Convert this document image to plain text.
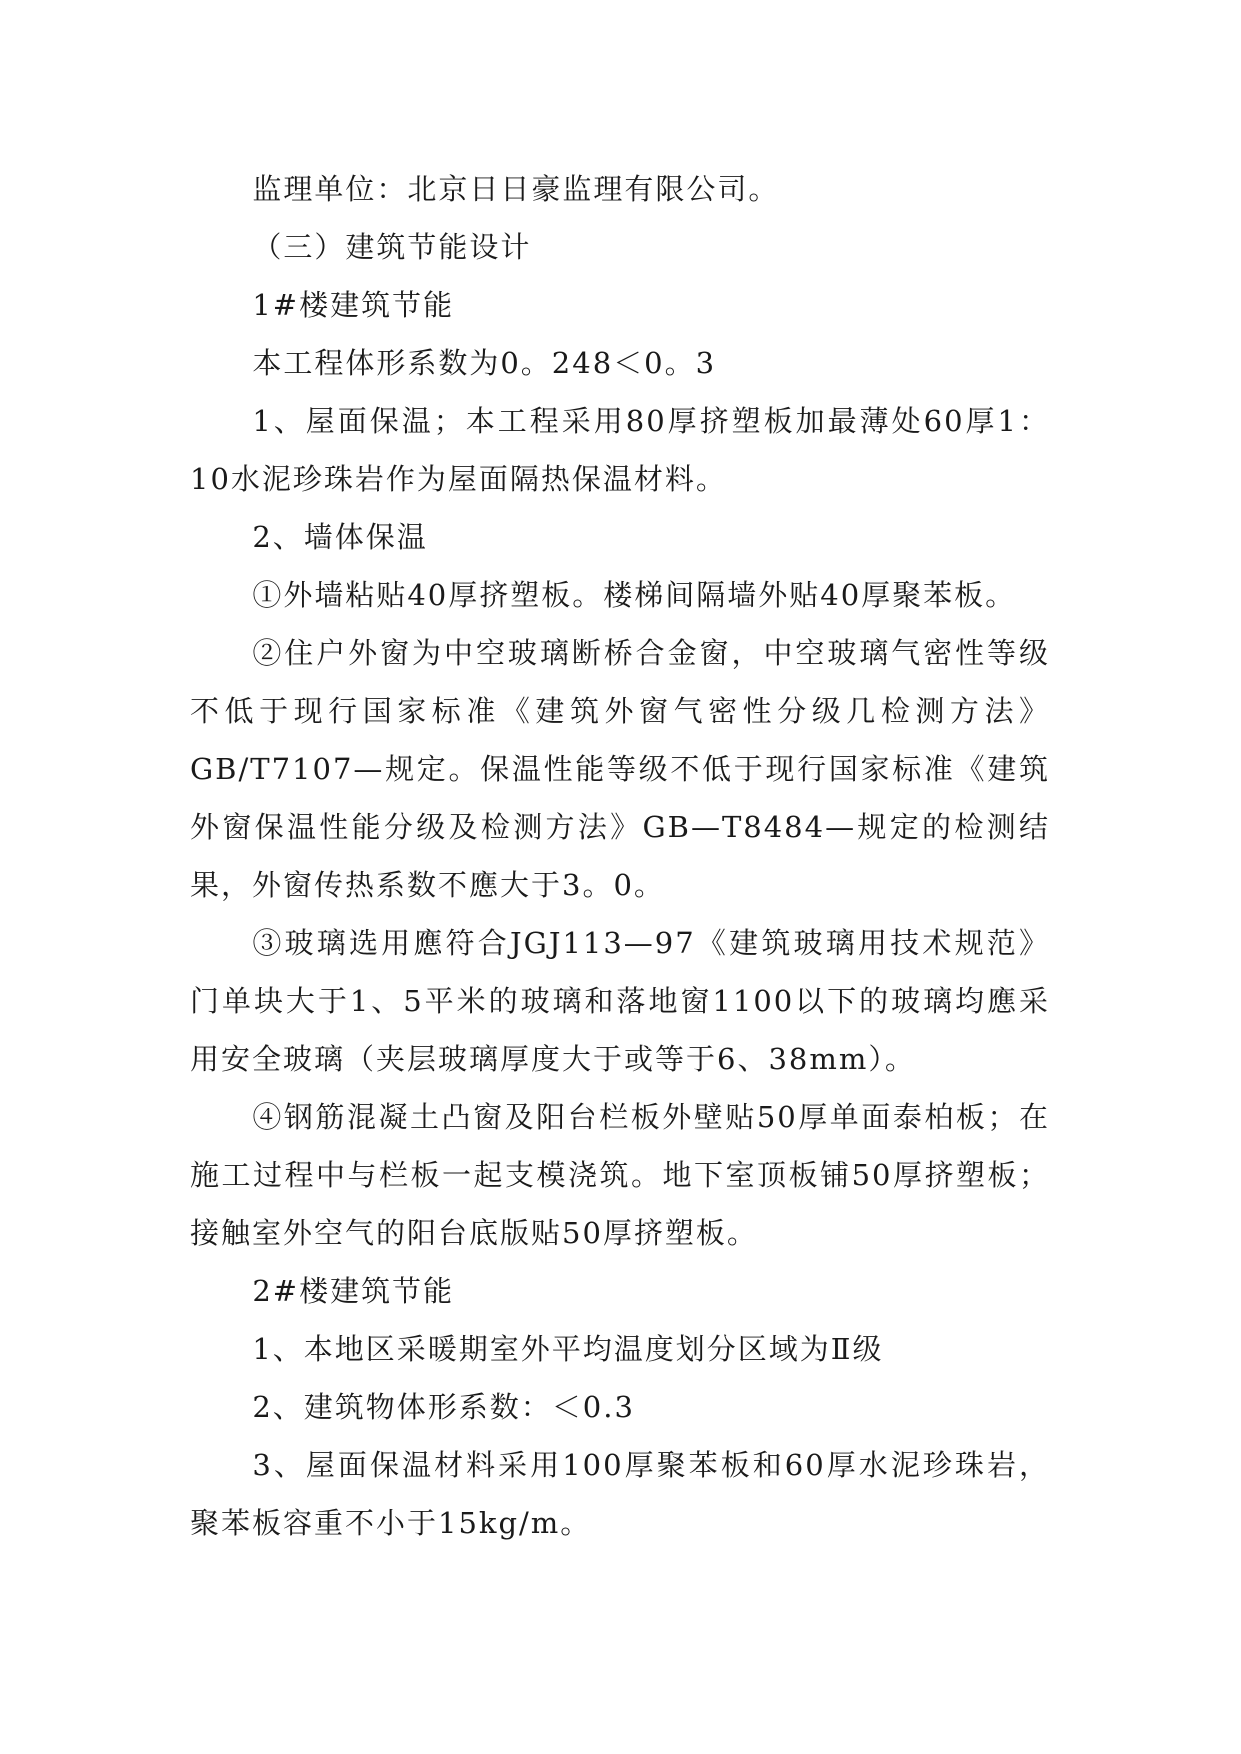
监理单位：北京日日豪监理有限公司。

（三）建筑节能设计

1#楼建筑节能

本工程体形系数为0。248＜0。3

1、屋面保温；本工程采用80厚挤塑板加最薄处60厚1：10水泥珍珠岩作为屋面隔热保温材料。

2、墙体保温

①外墙粘贴40厚挤塑板。楼梯间隔墙外贴40厚聚苯板。

②住户外窗为中空玻璃断桥合金窗，中空玻璃气密性等级不低于现行国家标准《建筑外窗气密性分级几检测方法》GB/T7107—规定。保温性能等级不低于现行国家标准《建筑外窗保温性能分级及检测方法》GB—T8484—规定的检测结果，外窗传热系数不應大于3。0。

③玻璃选用應符合JGJ113—97《建筑玻璃用技术规范》门单块大于1、5平米的玻璃和落地窗1100以下的玻璃均應采用安全玻璃（夹层玻璃厚度大于或等于6、38mm）。

④钢筋混凝土凸窗及阳台栏板外壁贴50厚单面泰柏板；在施工过程中与栏板一起支模浇筑。地下室顶板铺50厚挤塑板；接触室外空气的阳台底版贴50厚挤塑板。

2#楼建筑节能

1、本地区采暖期室外平均温度划分区域为Ⅱ级

2、建筑物体形系数：＜0.3

3、屋面保温材料采用100厚聚苯板和60厚水泥珍珠岩，聚苯板容重不小于15kg/m。
